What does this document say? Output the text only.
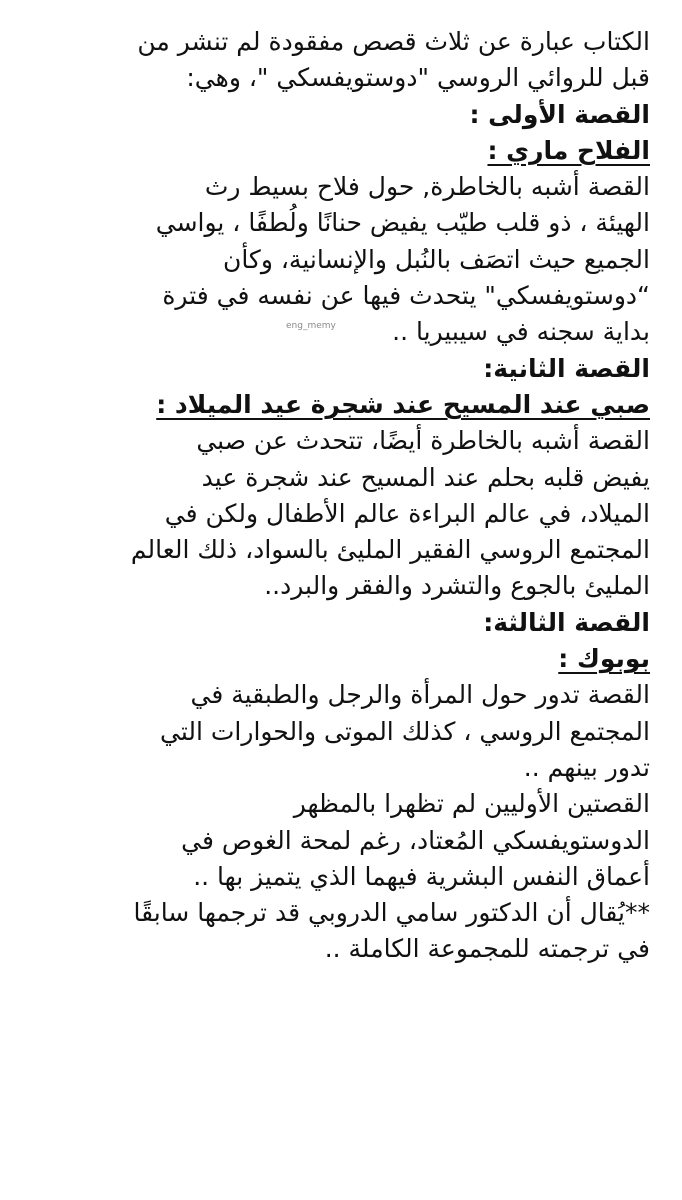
الكتاب عبارة عن ثلاث قصص مفقودة لم تنشر من
قبل للروائي الروسي "دوستويفسكي "، وهي:
القصة الأولى :
الفلاح ماري :
القصة أشبه بالخاطرة, حول فلاح بسيط رث
الهيئة ، ذو قلب طيّب يفيض حنانًا ولُطفًا ، يواسي
الجميع حيث اتصَف بالنُبل والإنسانية، وكأن
“دوستويفسكي" يتحدث فيها عن نفسه في فترة
بداية سجنه في سيبيريا ..
eng_memy
القصة الثانية:
صبي عند المسيح عند شجرة عيد الميلاد :
القصة أشبه بالخاطرة أيضًا، تتحدث عن صبي
يفيض قلبه بحلم عند المسيح عند شجرة عيد
الميلاد، في عالم البراءة عالم الأطفال ولكن في
المجتمع الروسي الفقير المليئ بالسواد، ذلك العالم
المليئ بالجوع والتشرد والفقر والبرد..
القصة الثالثة:
بوبوك :
القصة تدور حول المرأة والرجل والطبقية في
المجتمع الروسي ، كذلك الموتى والحوارات التي
تدور بينهم ..
القصتين الأوليين لم تظهرا بالمظهر
الدوستويفسكي المُعتاد، رغم لمحة الغوص في
أعماق النفس البشرية فيهما الذي يتميز بها ..
**يُقال أن الدكتور سامي الدروبي قد ترجمها سابقًا
في ترجمته للمجموعة الكاملة ..
